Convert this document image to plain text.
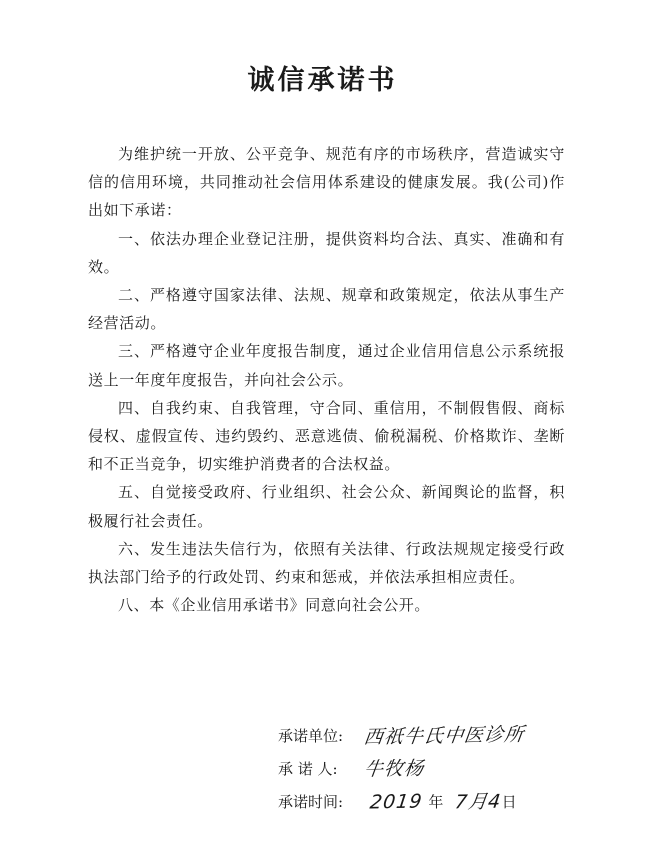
诚信承诺书

为维护统一开放、公平竞争、规范有序的市场秩序，营造诚实守信的信用环境，共同推动社会信用体系建设的健康发展。我(公司)作出如下承诺：

一、依法办理企业登记注册，提供资料均合法、真实、准确和有效。

二、严格遵守国家法律、法规、规章和政策规定，依法从事生产经营活动。

三、严格遵守企业年度报告制度，通过企业信用信息公示系统报送上一年度年度报告，并向社会公示。

四、自我约束、自我管理，守合同、重信用，不制假售假、商标侵权、虚假宣传、违约毁约、恶意逃债、偷税漏税、价格欺诈、垄断和不正当竞争，切实维护消费者的合法权益。

五、自觉接受政府、行业组织、社会公众、新闻舆论的监督，积极履行社会责任。

六、发生违法失信行为，依照有关法律、行政法规规定接受行政执法部门给予的行政处罚、约束和惩戒，并依法承担相应责任。

八、本《企业信用承诺书》同意向社会公开。

承诺单位:	西祇牛氏中医诊所
承 诺 人:	牛牧杨
承诺时间:	2019 年 7月4
日
